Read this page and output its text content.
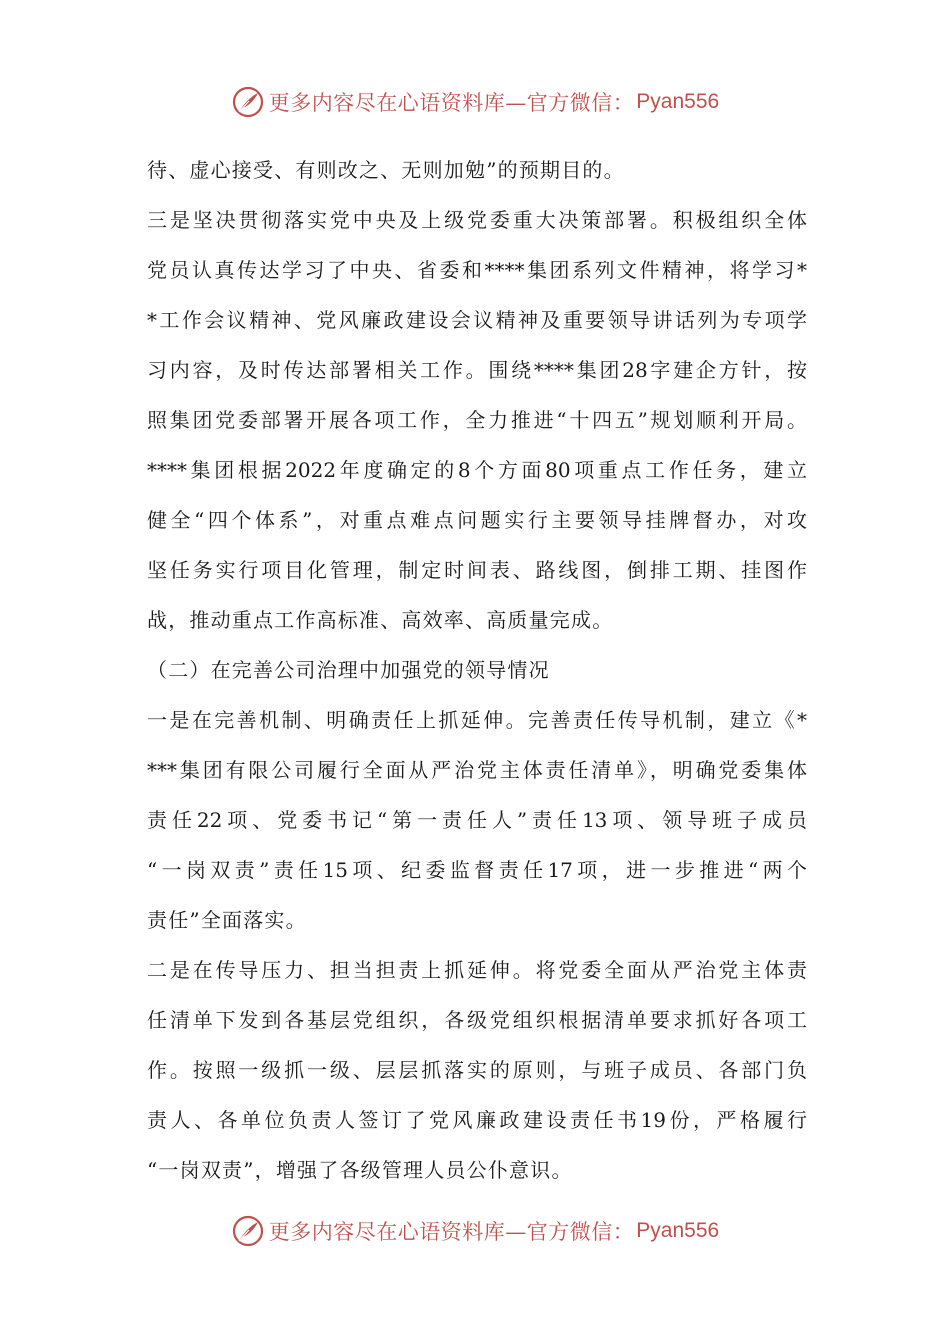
更多内容尽在心语资料库—官方微信： Pyan556
待、虚心接受、有则改之、无则加勉”的预期目的。
三是坚决贯彻落实党中央及上级党委重大决策部署。积极组织全体
党员认真传达学习了中央、省委和****集团系列文件精神，将学习*
*工作会议精神、党风廉政建设会议精神及重要领导讲话列为专项学
习内容，及时传达部署相关工作。围绕****集团28字建企方针，按
照集团党委部署开展各项工作，全力推进“十四五”规划顺利开局。
****集团根据2022年度确定的8个方面80项重点工作任务，建立
健全“四个体系”，对重点难点问题实行主要领导挂牌督办，对攻
坚任务实行项目化管理，制定时间表、路线图，倒排工期、挂图作
战，推动重点工作高标准、高效率、高质量完成。
（二）在完善公司治理中加强党的领导情况
一是在完善机制、明确责任上抓延伸。完善责任传导机制，建立《*
***集团有限公司履行全面从严治党主体责任清单》，明确党委集体
责任22项、党委书记“第一责任人”责任13项、领导班子成员
“一岗双责”责任15项、纪委监督责任17项，进一步推进“两个
责任”全面落实。
二是在传导压力、担当担责上抓延伸。将党委全面从严治党主体责
任清单下发到各基层党组织，各级党组织根据清单要求抓好各项工
作。按照一级抓一级、层层抓落实的原则，与班子成员、各部门负
责人、各单位负责人签订了党风廉政建设责任书19份，严格履行
“一岗双责”，增强了各级管理人员公仆意识。
更多内容尽在心语资料库—官方微信： Pyan556
